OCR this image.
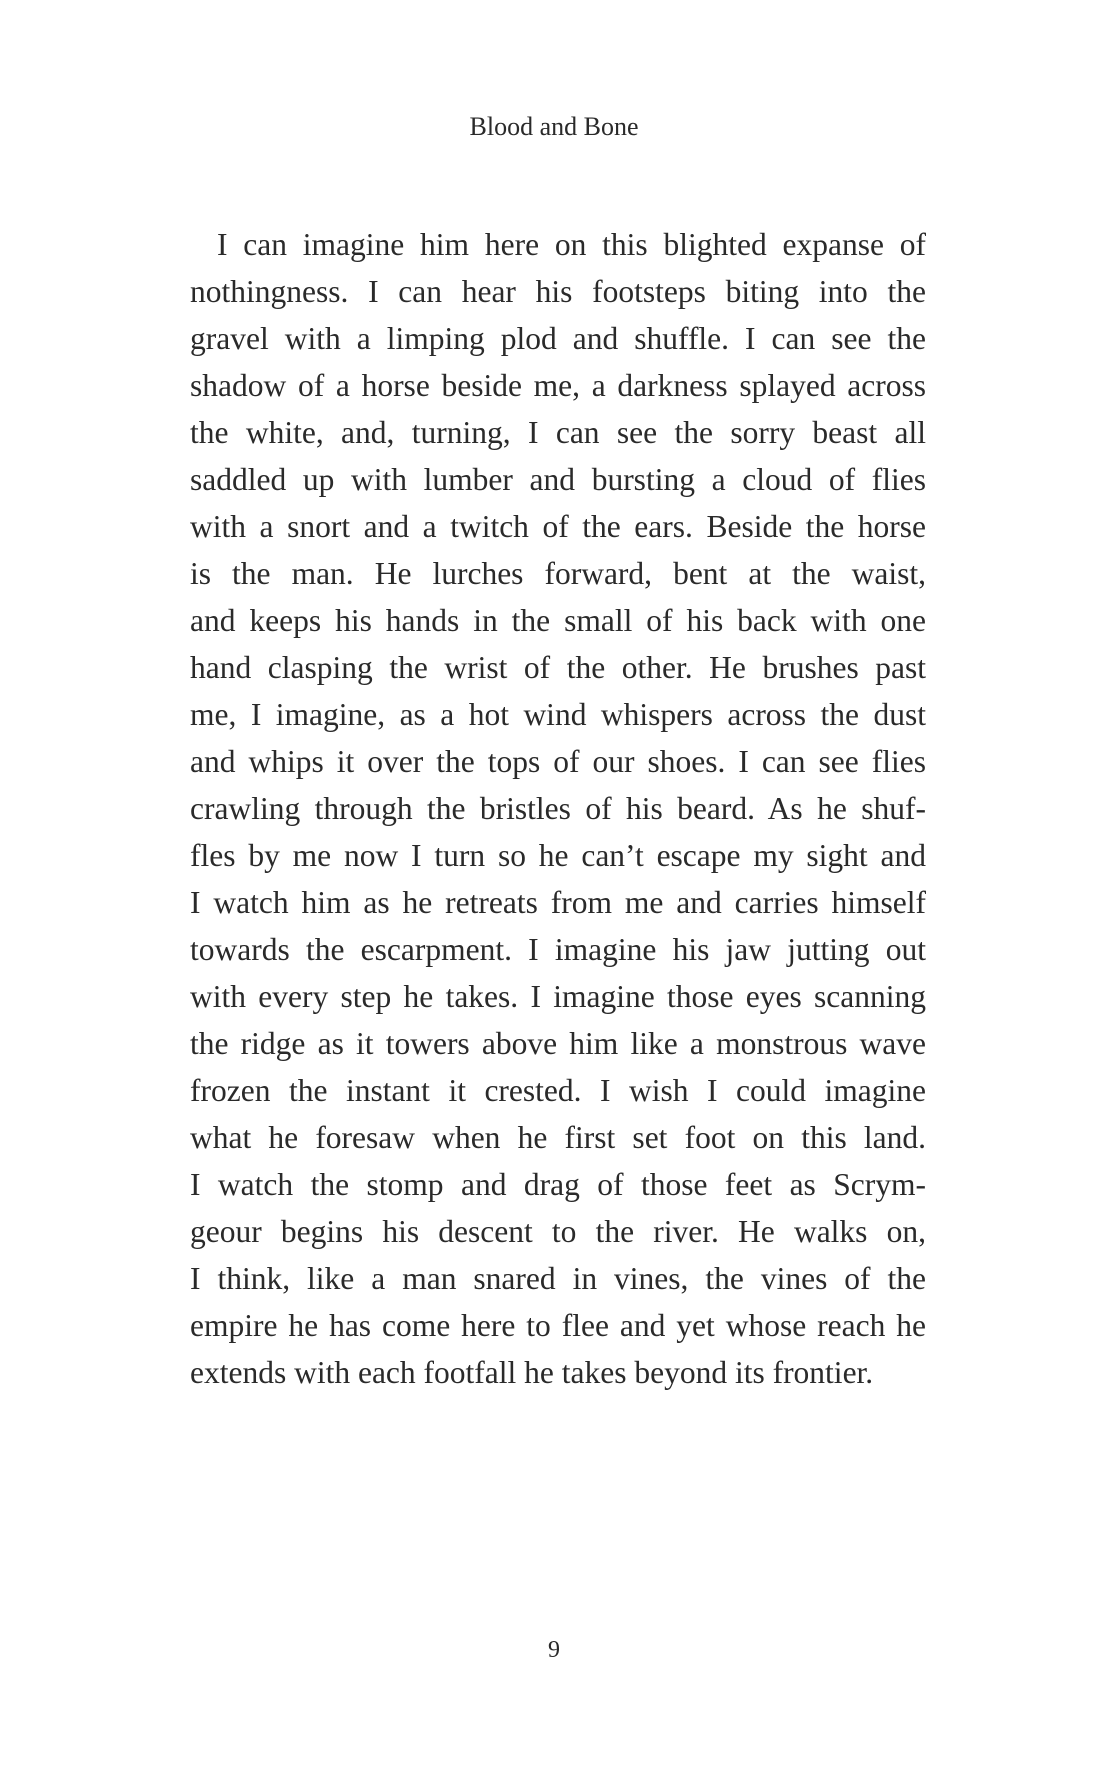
Blood and Bone
I can imagine him here on this blighted expanse of
nothingness. I can hear his footsteps biting into the
gravel with a limping plod and shuffle. I can see the
shadow of a horse beside me, a darkness splayed across
the white, and, turning, I can see the sorry beast all
saddled up with lumber and bursting a cloud of flies
with a snort and a twitch of the ears. Beside the horse
is the man. He lurches forward, bent at the waist,
and keeps his hands in the small of his back with one
hand clasping the wrist of the other. He brushes past
me, I imagine, as a hot wind whispers across the dust
and whips it over the tops of our shoes. I can see flies
crawling through the bristles of his beard. As he shuf-
fles by me now I turn so he can’t escape my sight and
I watch him as he retreats from me and carries himself
towards the escarpment. I imagine his jaw jutting out
with every step he takes. I imagine those eyes scanning
the ridge as it towers above him like a monstrous wave
frozen the instant it crested. I wish I could imagine
what he foresaw when he first set foot on this land.
I watch the stomp and drag of those feet as Scrym-
geour begins his descent to the river. He walks on,
I think, like a man snared in vines, the vines of the
empire he has come here to flee and yet whose reach he
extends with each footfall he takes beyond its frontier.
9
